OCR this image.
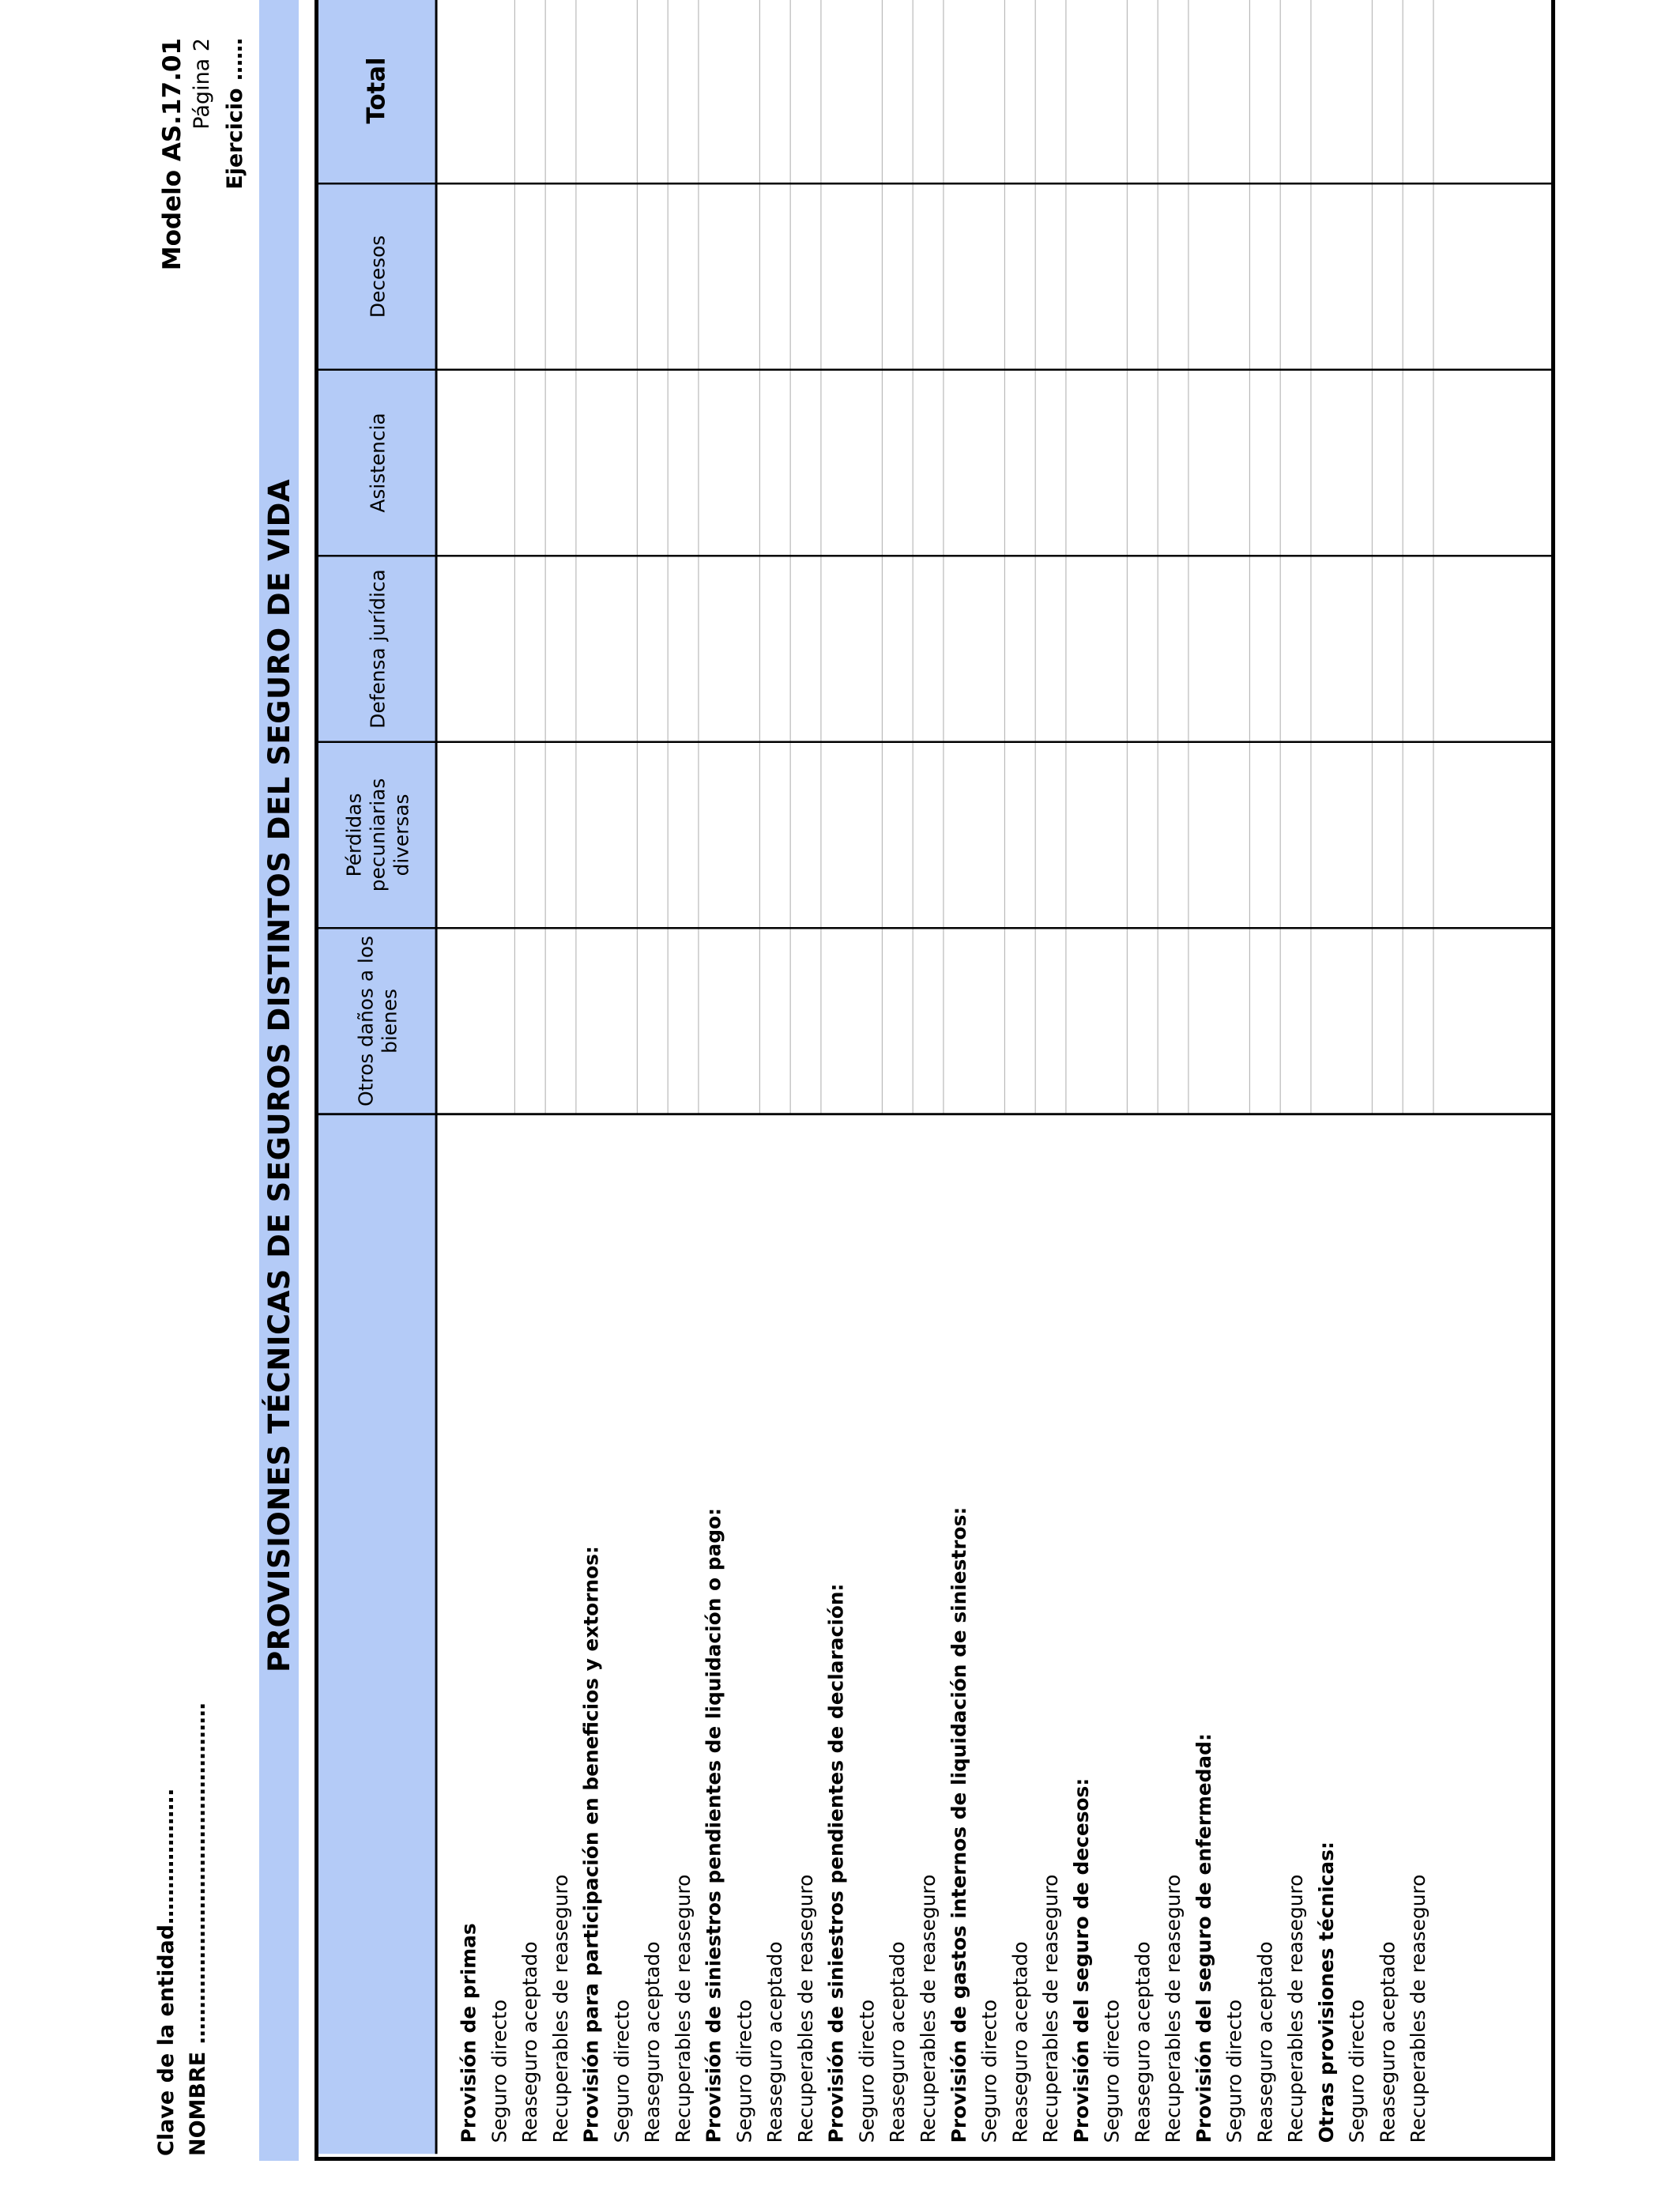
Clave de la entidad………………. NOMBRE …………………………………………
Modelo AS.17.01 Página 2 Ejercicio ……
PROVISIONES TÉCNICAS DE SEGUROS DISTINTOS DEL SEGURO DE VIDA	Otros daños a losbienes
Pérdidaspecuniariasdiversas
Defensa jurídica
Asistencia
Decesos
Total
Provisión de primas Seguro directo Reaseguro aceptado Recuperables de reaseguro Provisión para participación en beneficios y extornos: Seguro directo Reaseguro aceptado Recuperables de reaseguro Provisión de siniestros pendientes de liquidación o pago: Seguro directo Reaseguro aceptado Recuperables de reaseguro Provisión de siniestros pendientes de declaración: Seguro directo Reaseguro aceptado Recuperables de reaseguro Provisión de gastos internos de liquidación de siniestros: Seguro directo Reaseguro aceptado Recuperables de reaseguro Provisión del seguro de decesos: Seguro directo Reaseguro aceptado Recuperables de reaseguro Provisión del seguro de enfermedad: Seguro directo Reaseguro aceptado Recuperables de reaseguro Otras provisiones técnicas: Seguro directo Reaseguro aceptado Recuperables de reaseguro
